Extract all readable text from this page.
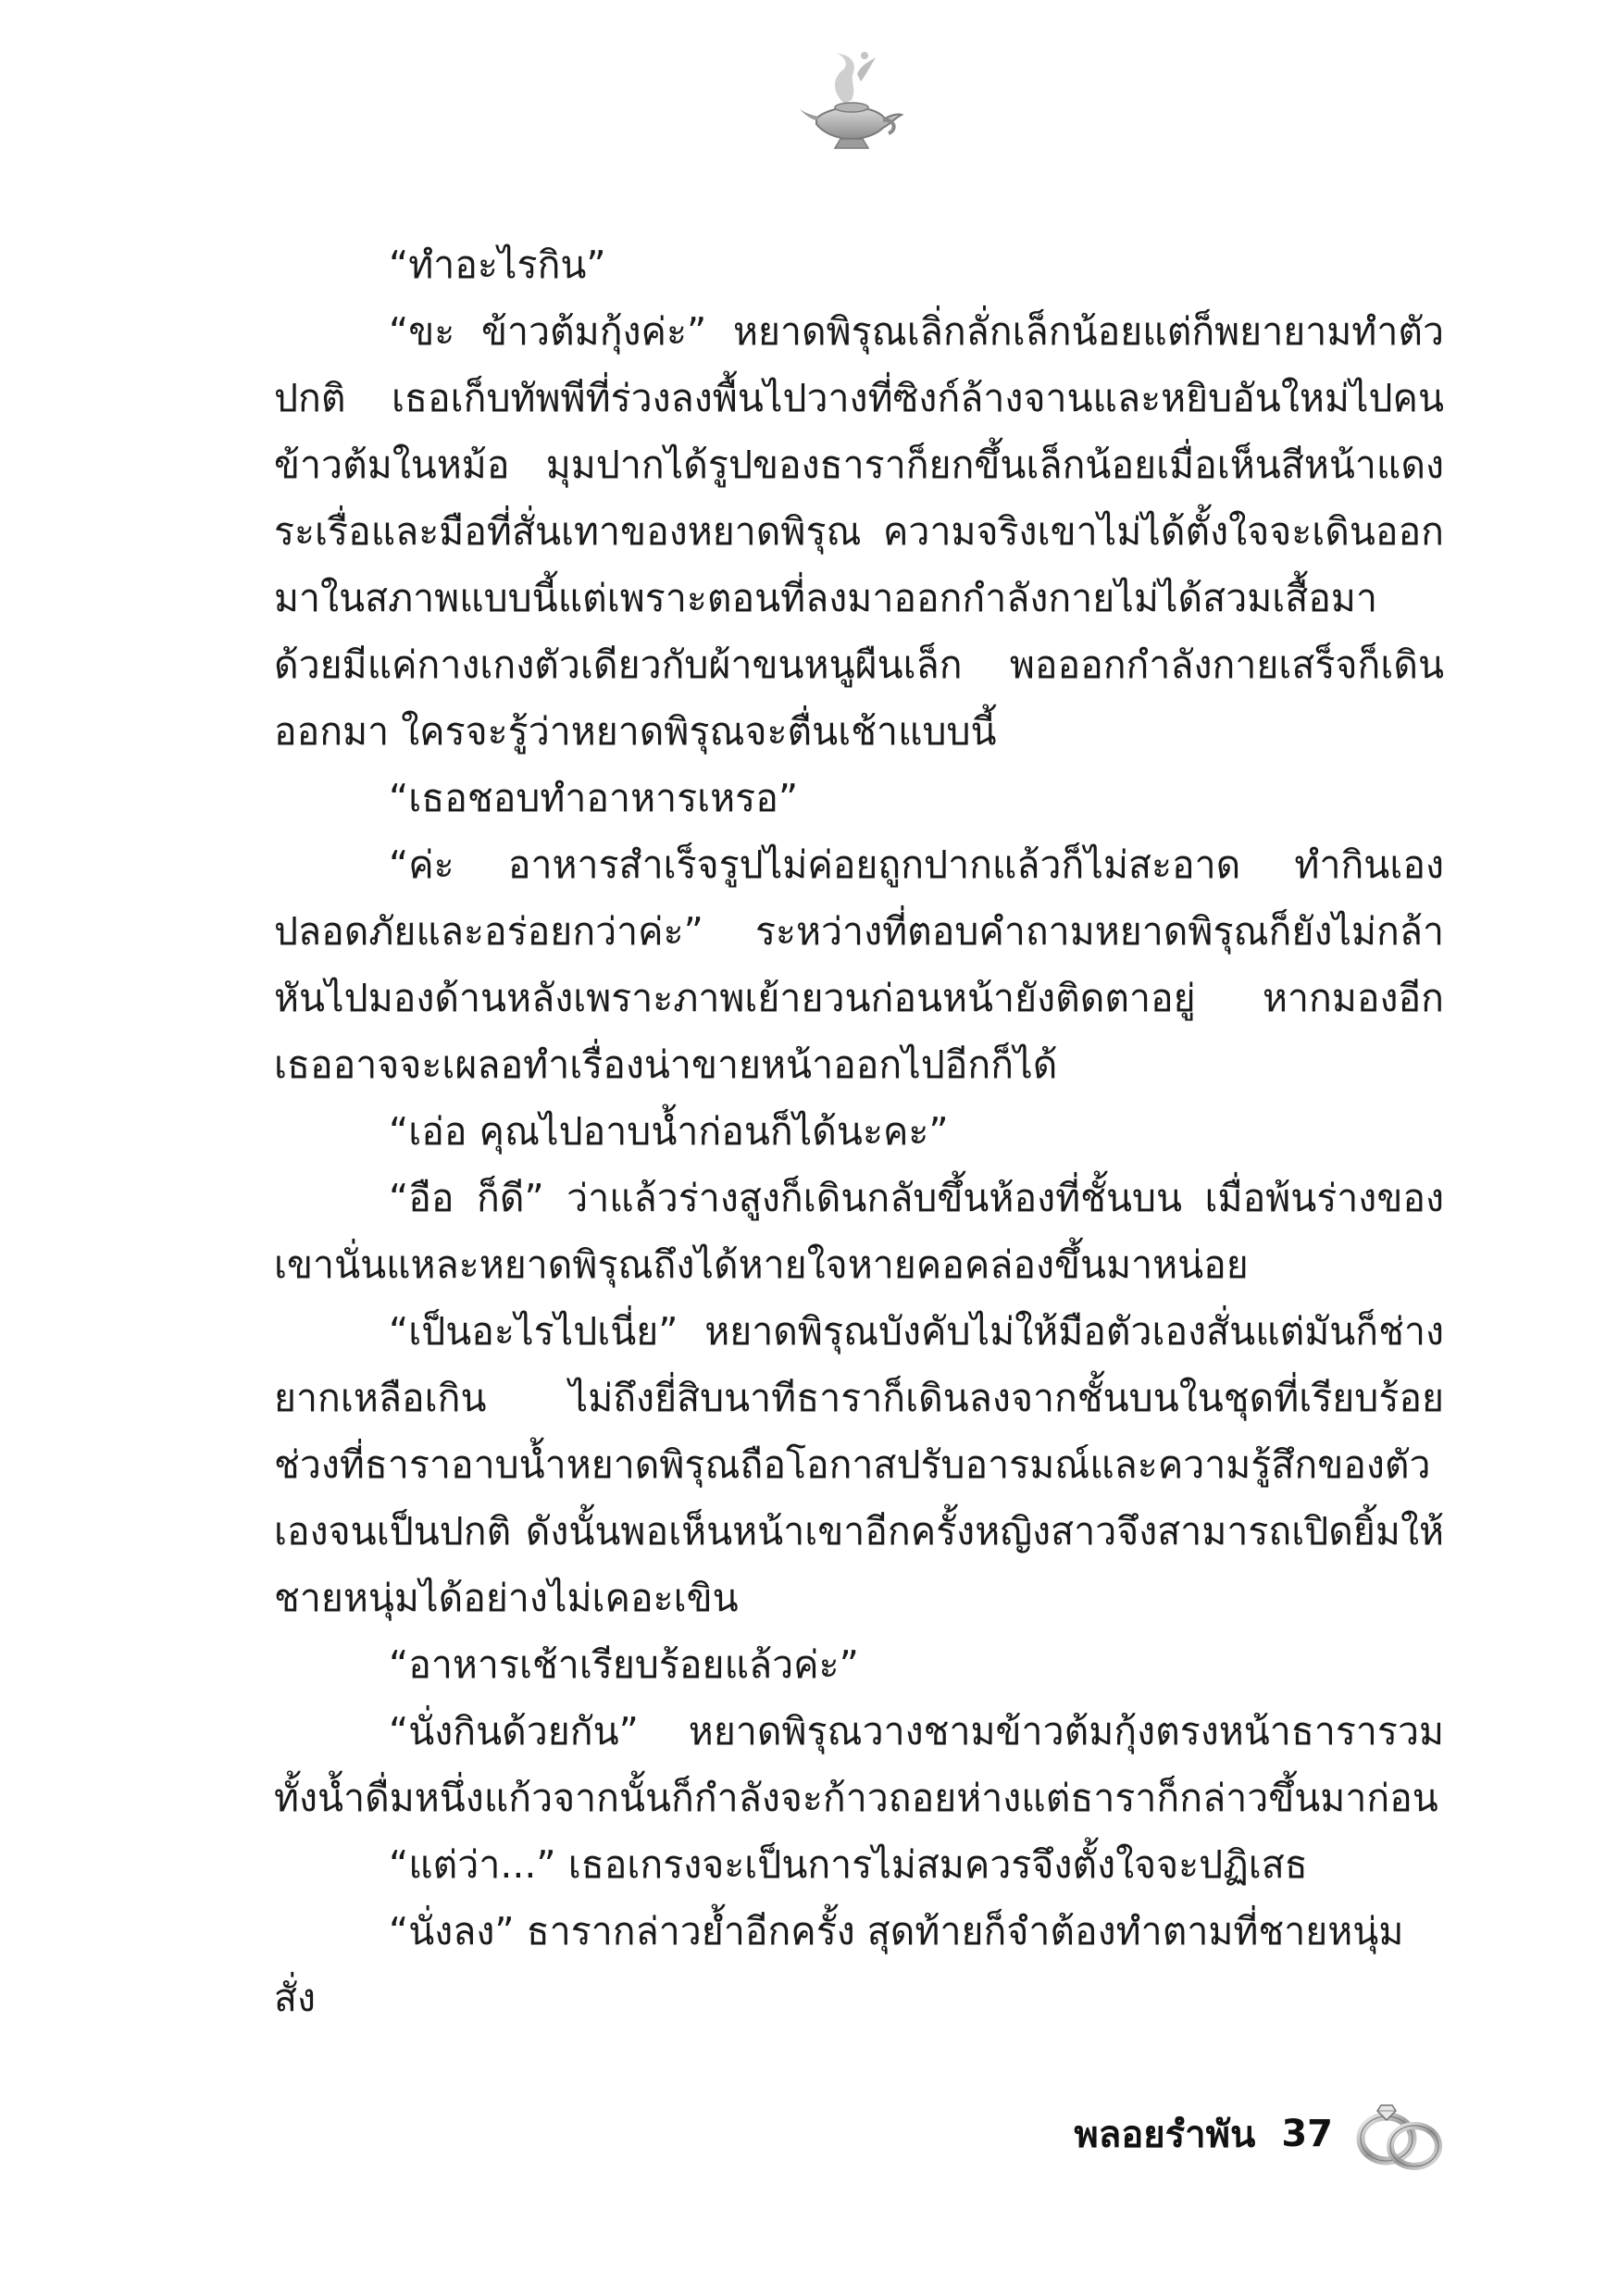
“ทำอะไรกิน”

“ขะ ข้าวต้มกุ้งค่ะ” หยาดพิรุณเลิ่กลั่กเล็กน้อยแต่ก็พยายามทำตัวปกติ เธอเก็บทัพพีที่ร่วงลงพื้นไปวางที่ซิงก์ล้างจานและหยิบอันใหม่ไปคนข้าวต้มในหม้อ มุมปากได้รูปของธาราก็ยกขึ้นเล็กน้อยเมื่อเห็นสีหน้าแดงระเรื่อและมือที่สั่นเทาของหยาดพิรุณ ความจริงเขาไม่ได้ตั้งใจจะเดินออกมาในสภาพแบบนี้แต่เพราะตอนที่ลงมาออกกำลังกายไม่ได้สวมเสื้อมาด้วยมีแค่กางเกงตัวเดียวกับผ้าขนหนูผืนเล็ก พอออกกำลังกายเสร็จก็เดินออกมา ใครจะรู้ว่าหยาดพิรุณจะตื่นเช้าแบบนี้

“เธอชอบทำอาหารเหรอ”

“ค่ะ อาหารสำเร็จรูปไม่ค่อยถูกปากแล้วก็ไม่สะอาด ทำกินเองปลอดภัยและอร่อยกว่าค่ะ” ระหว่างที่ตอบคำถามหยาดพิรุณก็ยังไม่กล้าหันไปมองด้านหลังเพราะภาพเย้ายวนก่อนหน้ายังติดตาอยู่ หากมองอีกเธออาจจะเผลอทำเรื่องน่าขายหน้าออกไปอีกก็ได้

“เอ่อ คุณไปอาบน้ำก่อนก็ได้นะคะ”

“อือ ก็ดี” ว่าแล้วร่างสูงก็เดินกลับขึ้นห้องที่ชั้นบน เมื่อพ้นร่างของเขานั่นแหละหยาดพิรุณถึงได้หายใจหายคอคล่องขึ้นมาหน่อย

“เป็นอะไรไปเนี่ย” หยาดพิรุณบังคับไม่ให้มือตัวเองสั่นแต่มันก็ช่างยากเหลือเกิน ไม่ถึงยี่สิบนาทีธาราก็เดินลงจากชั้นบนในชุดที่เรียบร้อย ช่วงที่ธาราอาบน้ำหยาดพิรุณถือโอกาสปรับอารมณ์และความรู้สึกของตัวเองจนเป็นปกติ ดังนั้นพอเห็นหน้าเขาอีกครั้งหญิงสาวจึงสามารถเปิดยิ้มให้ชายหนุ่มได้อย่างไม่เคอะเขิน

“อาหารเช้าเรียบร้อยแล้วค่ะ”

“นั่งกินด้วยกัน” หยาดพิรุณวางชามข้าวต้มกุ้งตรงหน้าธารารวมทั้งน้ำดื่มหนึ่งแก้วจากนั้นก็กำลังจะก้าวถอยห่างแต่ธาราก็กล่าวขึ้นมาก่อน

“แต่ว่า...” เธอเกรงจะเป็นการไม่สมควรจึงตั้งใจจะปฏิเสธ

“นั่งลง” ธารากล่าวย้ำอีกครั้ง สุดท้ายก็จำต้องทำตามที่ชายหนุ่มสั่ง

พลอยรำพัน 37
